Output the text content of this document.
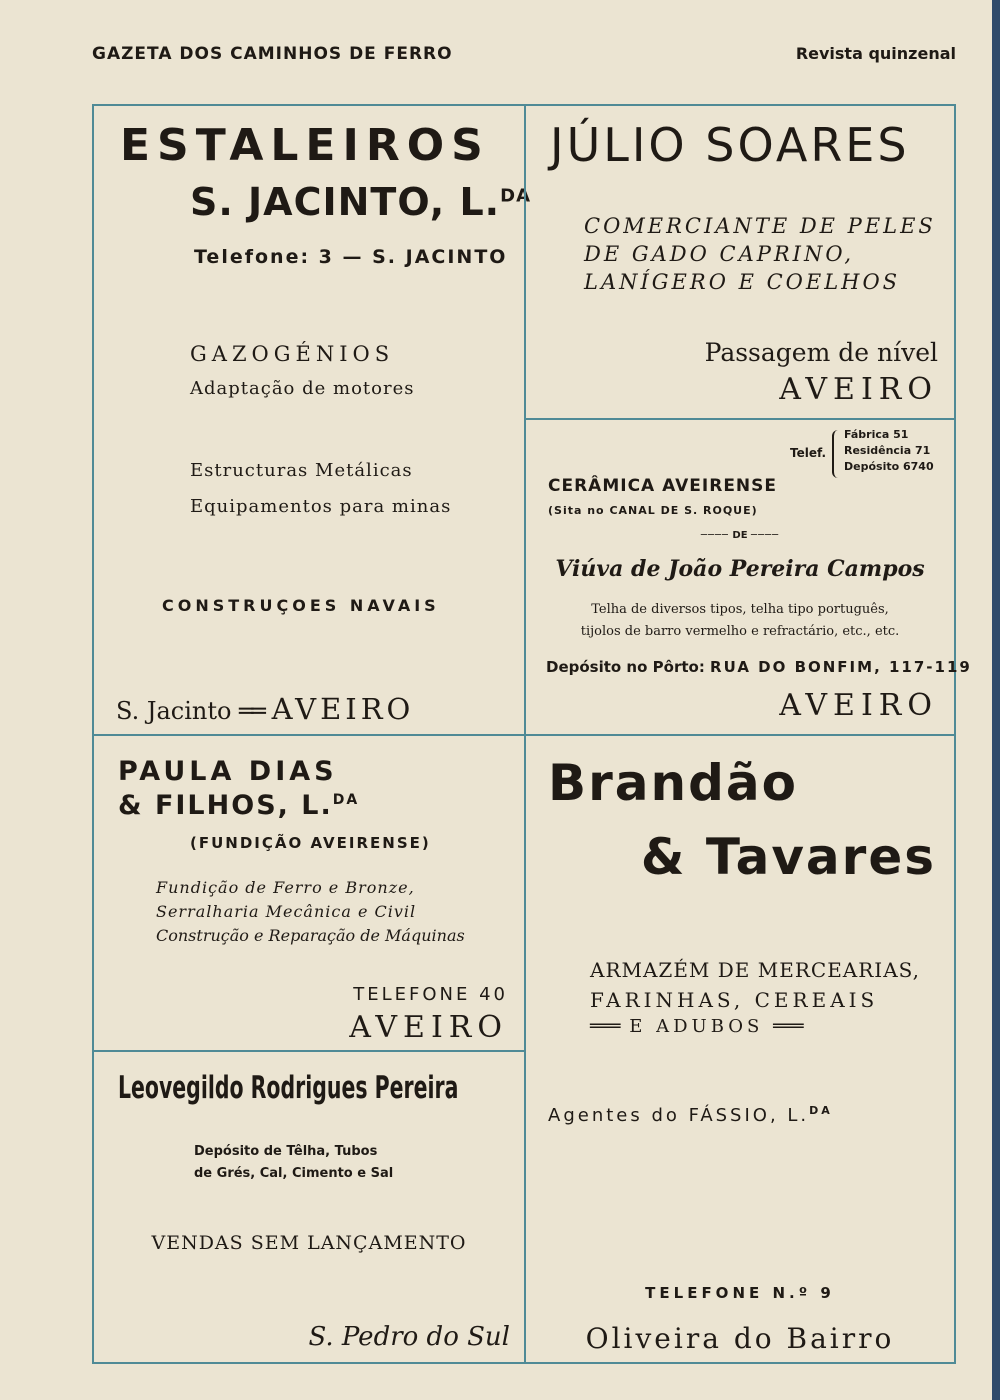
GAZETA DOS CAMINHOS DE FERRO	Revista quinzenal
ESTALEIROS
S. JACINTO, L.$^{DA}$
Telefone: 3 — S. JACINTO
GAZOGÉNIOS
Adaptação de motores
Estructuras Metálicas
Equipamentos para minas
CONSTRUÇOES NAVAIS
S. Jacinto ══ AVEIRO
JÚLIO SOARES
COMERCIANTE DE PELES
DE GADO CAPRINO,
LANÍGERO E COELHOS
Passagem de nível
AVEIRO
Telef.
Fábrica 51
Residência 71
Depósito 6740
CERÂMICA AVEIRENSE
(Sita no CANAL DE S. ROQUE)
──── DE ────
Viúva de João Pereira Campos
Telha de diversos tipos, telha tipo português,
tijolos de barro vermelho e refractário, etc., etc.
Depósito no Pôrto: RUA DO BONFIM, 117-119
AVEIRO
PAULA DIAS
& FILHOS, L.$^{DA}$
(FUNDIÇÃO AVEIRENSE)
Fundição de Ferro e Bronze,
Serralharia Mecânica e Civil
Construção e Reparação de Máquinas
TELEFONE 40
AVEIRO
Leovegildo Rodrigues Pereira
Depósito de Têlha, Tubos
de Grés, Cal, Cimento e Sal
VENDAS SEM LANÇAMENTO
S. Pedro do Sul
Brandão
& Tavares
ARMAZÉM DE MERCEARIAS,
FARINHAS, CEREAIS
═══ E ADUBOS ═══
Agentes do FÁSSIO, L.$^{DA}$
TELEFONE N.º 9
Oliveira do Bairro
